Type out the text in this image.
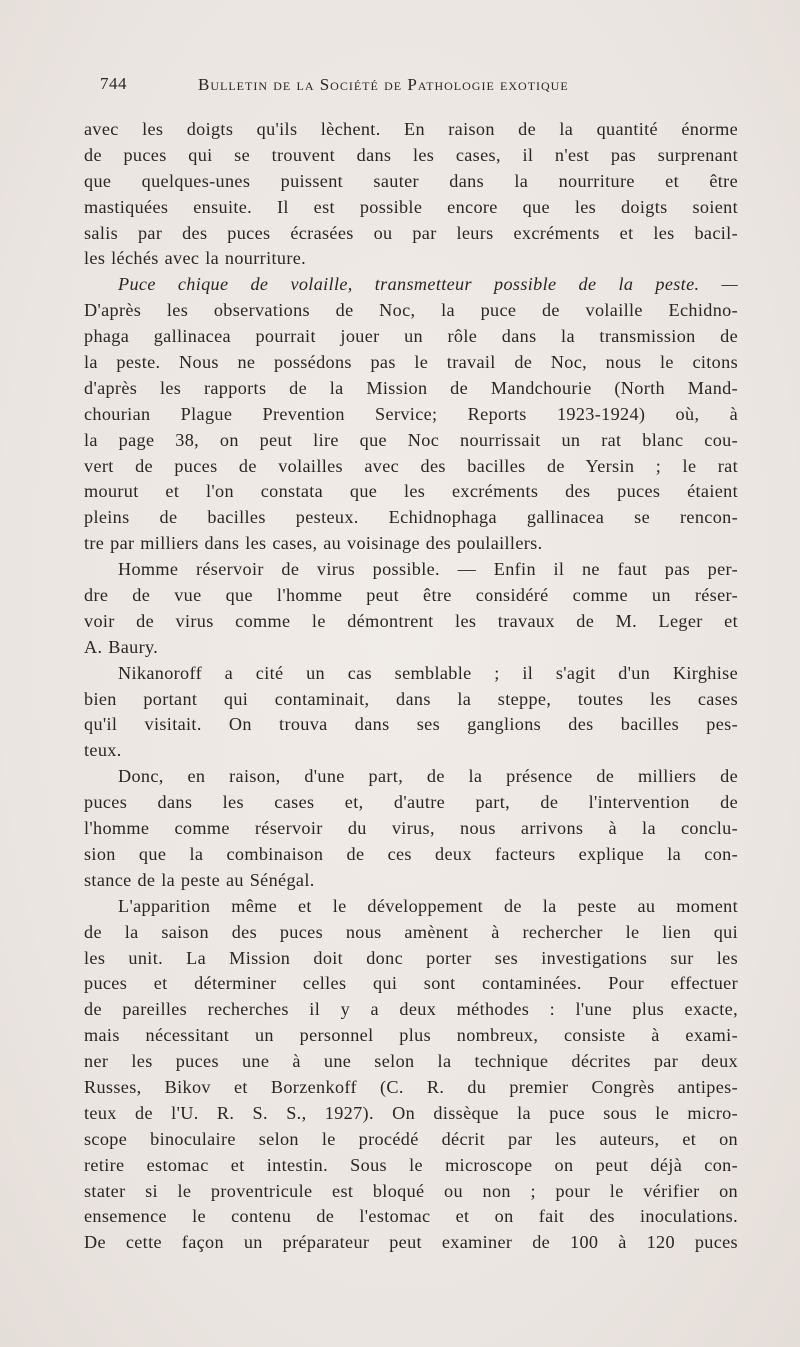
744	Bulletin de la Société de Pathologie exotique
avec les doigts qu'ils lèchent. En raison de la quantité énorme
de puces qui se trouvent dans les cases, il n'est pas surprenant
que quelques-unes puissent sauter dans la nourriture et être
mastiquées ensuite. Il est possible encore que les doigts soient
salis par des puces écrasées ou par leurs excréments et les bacil-
les léchés avec la nourriture.
Puce chique de volaille, transmetteur possible de la peste. —
D'après les observations de Noc, la puce de volaille Echidno-
phaga gallinacea pourrait jouer un rôle dans la transmission de
la peste. Nous ne possédons pas le travail de Noc, nous le citons
d'après les rapports de la Mission de Mandchourie (North Mand-
chourian Plague Prevention Service; Reports 1923-1924) où, à
la page 38, on peut lire que Noc nourrissait un rat blanc cou-
vert de puces de volailles avec des bacilles de Yersin ; le rat
mourut et l'on constata que les excréments des puces étaient
pleins de bacilles pesteux. Echidnophaga gallinacea se rencon-
tre par milliers dans les cases, au voisinage des poulaillers.
Homme réservoir de virus possible. — Enfin il ne faut pas per-
dre de vue que l'homme peut être considéré comme un réser-
voir de virus comme le démontrent les travaux de M. Leger et
A. Baury.
Nikanoroff a cité un cas semblable ; il s'agit d'un Kirghise
bien portant qui contaminait, dans la steppe, toutes les cases
qu'il visitait. On trouva dans ses ganglions des bacilles pes-
teux.
Donc, en raison, d'une part, de la présence de milliers de
puces dans les cases et, d'autre part, de l'intervention de
l'homme comme réservoir du virus, nous arrivons à la conclu-
sion que la combinaison de ces deux facteurs explique la con-
stance de la peste au Sénégal.
L'apparition même et le développement de la peste au moment
de la saison des puces nous amènent à rechercher le lien qui
les unit. La Mission doit donc porter ses investigations sur les
puces et déterminer celles qui sont contaminées. Pour effectuer
de pareilles recherches il y a deux méthodes : l'une plus exacte,
mais nécessitant un personnel plus nombreux, consiste à exami-
ner les puces une à une selon la technique décrites par deux
Russes, Bikov et Borzenkoff (C. R. du premier Congrès antipes-
teux de l'U. R. S. S., 1927). On dissèque la puce sous le micro-
scope binoculaire selon le procédé décrit par les auteurs, et on
retire estomac et intestin. Sous le microscope on peut déjà con-
stater si le proventricule est bloqué ou non ; pour le vérifier on
ensemence le contenu de l'estomac et on fait des inoculations.
De cette façon un préparateur peut examiner de 100 à 120 puces
